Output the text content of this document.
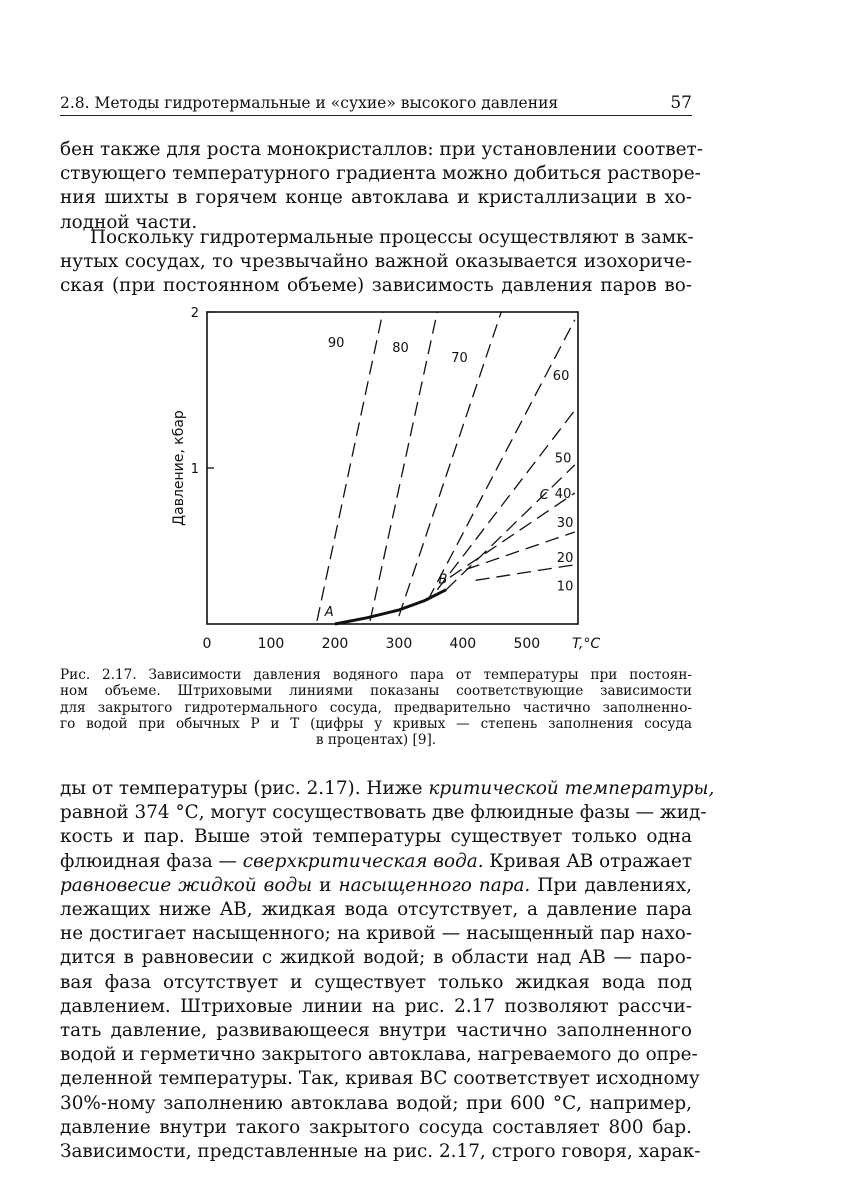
2.8. Методы гидротермальные и «сухие» высокого давления	57
бен также для роста монокристаллов: при установлении соответ-
ствующего температурного градиента можно добиться растворе-
ния шихты в горячем конце автоклава и кристаллизации в хо-
лодной части.
Поскольку гидротермальные процессы осуществляют в замк-
нутых сосудах, то чрезвычайно важной оказывается изохориче-
ская (при постоянном объеме) зависимость давления паров во-
1
2
0	100	200	300	400	500 T,°C
Давление, кбар
90	80
70
60
50
40
30
20
10
A
B
C
Рис. 2.17. Зависимости давления водяного пара от температуры при постоян-
ном объеме. Штриховыми линиями показаны соответствующие зависимости
для закрытого гидротермального сосуда, предварительно частично заполненно-
го водой при обычных P и T (цифры у кривых — степень заполнения сосуда
в процентах) [9].
ды от температуры (рис. 2.17). Ниже критической температуры,
равной 374 °С, могут сосуществовать две флюидные фазы — жид-
кость и пар. Выше этой температуры существует только одна
флюидная фаза — сверхкритическая вода. Кривая AB отражает
равновесие жидкой воды и насыщенного пара. При давлениях,
лежащих ниже AB, жидкая вода отсутствует, а давление пара
не достигает насыщенного; на кривой — насыщенный пар нахо-
дится в равновесии с жидкой водой; в области над AB — паро-
вая фаза отсутствует и существует только жидкая вода под
давлением. Штриховые линии на рис. 2.17 позволяют рассчи-
тать давление, развивающееся внутри частично заполненного
водой и герметично закрытого автоклава, нагреваемого до опре-
деленной температуры. Так, кривая BC соответствует исходному
30%-ному заполнению автоклава водой; при 600 °С, например,
давление внутри такого закрытого сосуда составляет 800 бар.
Зависимости, представленные на рис. 2.17, строго говоря, харак-
